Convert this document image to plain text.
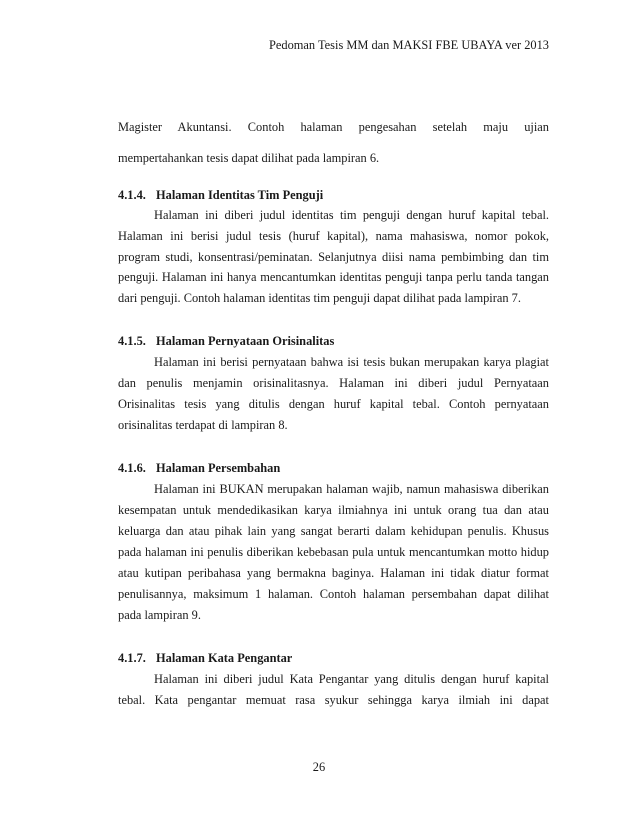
Pedoman Tesis MM dan MAKSI FBE UBAYA ver 2013
Magister Akuntansi. Contoh halaman pengesahan setelah maju ujian
mempertahankan tesis dapat dilihat pada lampiran 6.
4.1.4. Halaman Identitas Tim Penguji
Halaman ini diberi judul identitas tim penguji dengan huruf kapital tebal.
Halaman ini berisi judul tesis (huruf kapital), nama mahasiswa, nomor pokok,
program studi, konsentrasi/peminatan. Selanjutnya diisi nama pembimbing dan tim
penguji. Halaman ini hanya mencantumkan identitas penguji tanpa perlu tanda tangan
dari penguji. Contoh halaman identitas tim penguji dapat dilihat pada lampiran 7.
4.1.5. Halaman Pernyataan Orisinalitas
Halaman ini berisi pernyataan bahwa isi tesis bukan merupakan karya plagiat
dan penulis menjamin orisinalitasnya. Halaman ini diberi judul Pernyataan
Orisinalitas tesis yang ditulis dengan huruf kapital tebal. Contoh pernyataan
orisinalitas terdapat di lampiran 8.
4.1.6. Halaman Persembahan
Halaman ini BUKAN merupakan halaman wajib, namun mahasiswa diberikan
kesempatan untuk mendedikasikan karya ilmiahnya ini untuk orang tua dan atau
keluarga dan atau pihak lain yang sangat berarti dalam kehidupan penulis. Khusus
pada halaman ini penulis diberikan kebebasan pula untuk mencantumkan motto hidup
atau kutipan peribahasa yang bermakna baginya. Halaman ini tidak diatur format
penulisannya, maksimum 1 halaman. Contoh halaman persembahan dapat dilihat
pada lampiran 9.
4.1.7. Halaman Kata Pengantar
Halaman ini diberi judul Kata Pengantar yang ditulis dengan huruf kapital
tebal. Kata pengantar memuat rasa syukur sehingga karya ilmiah ini dapat
26
